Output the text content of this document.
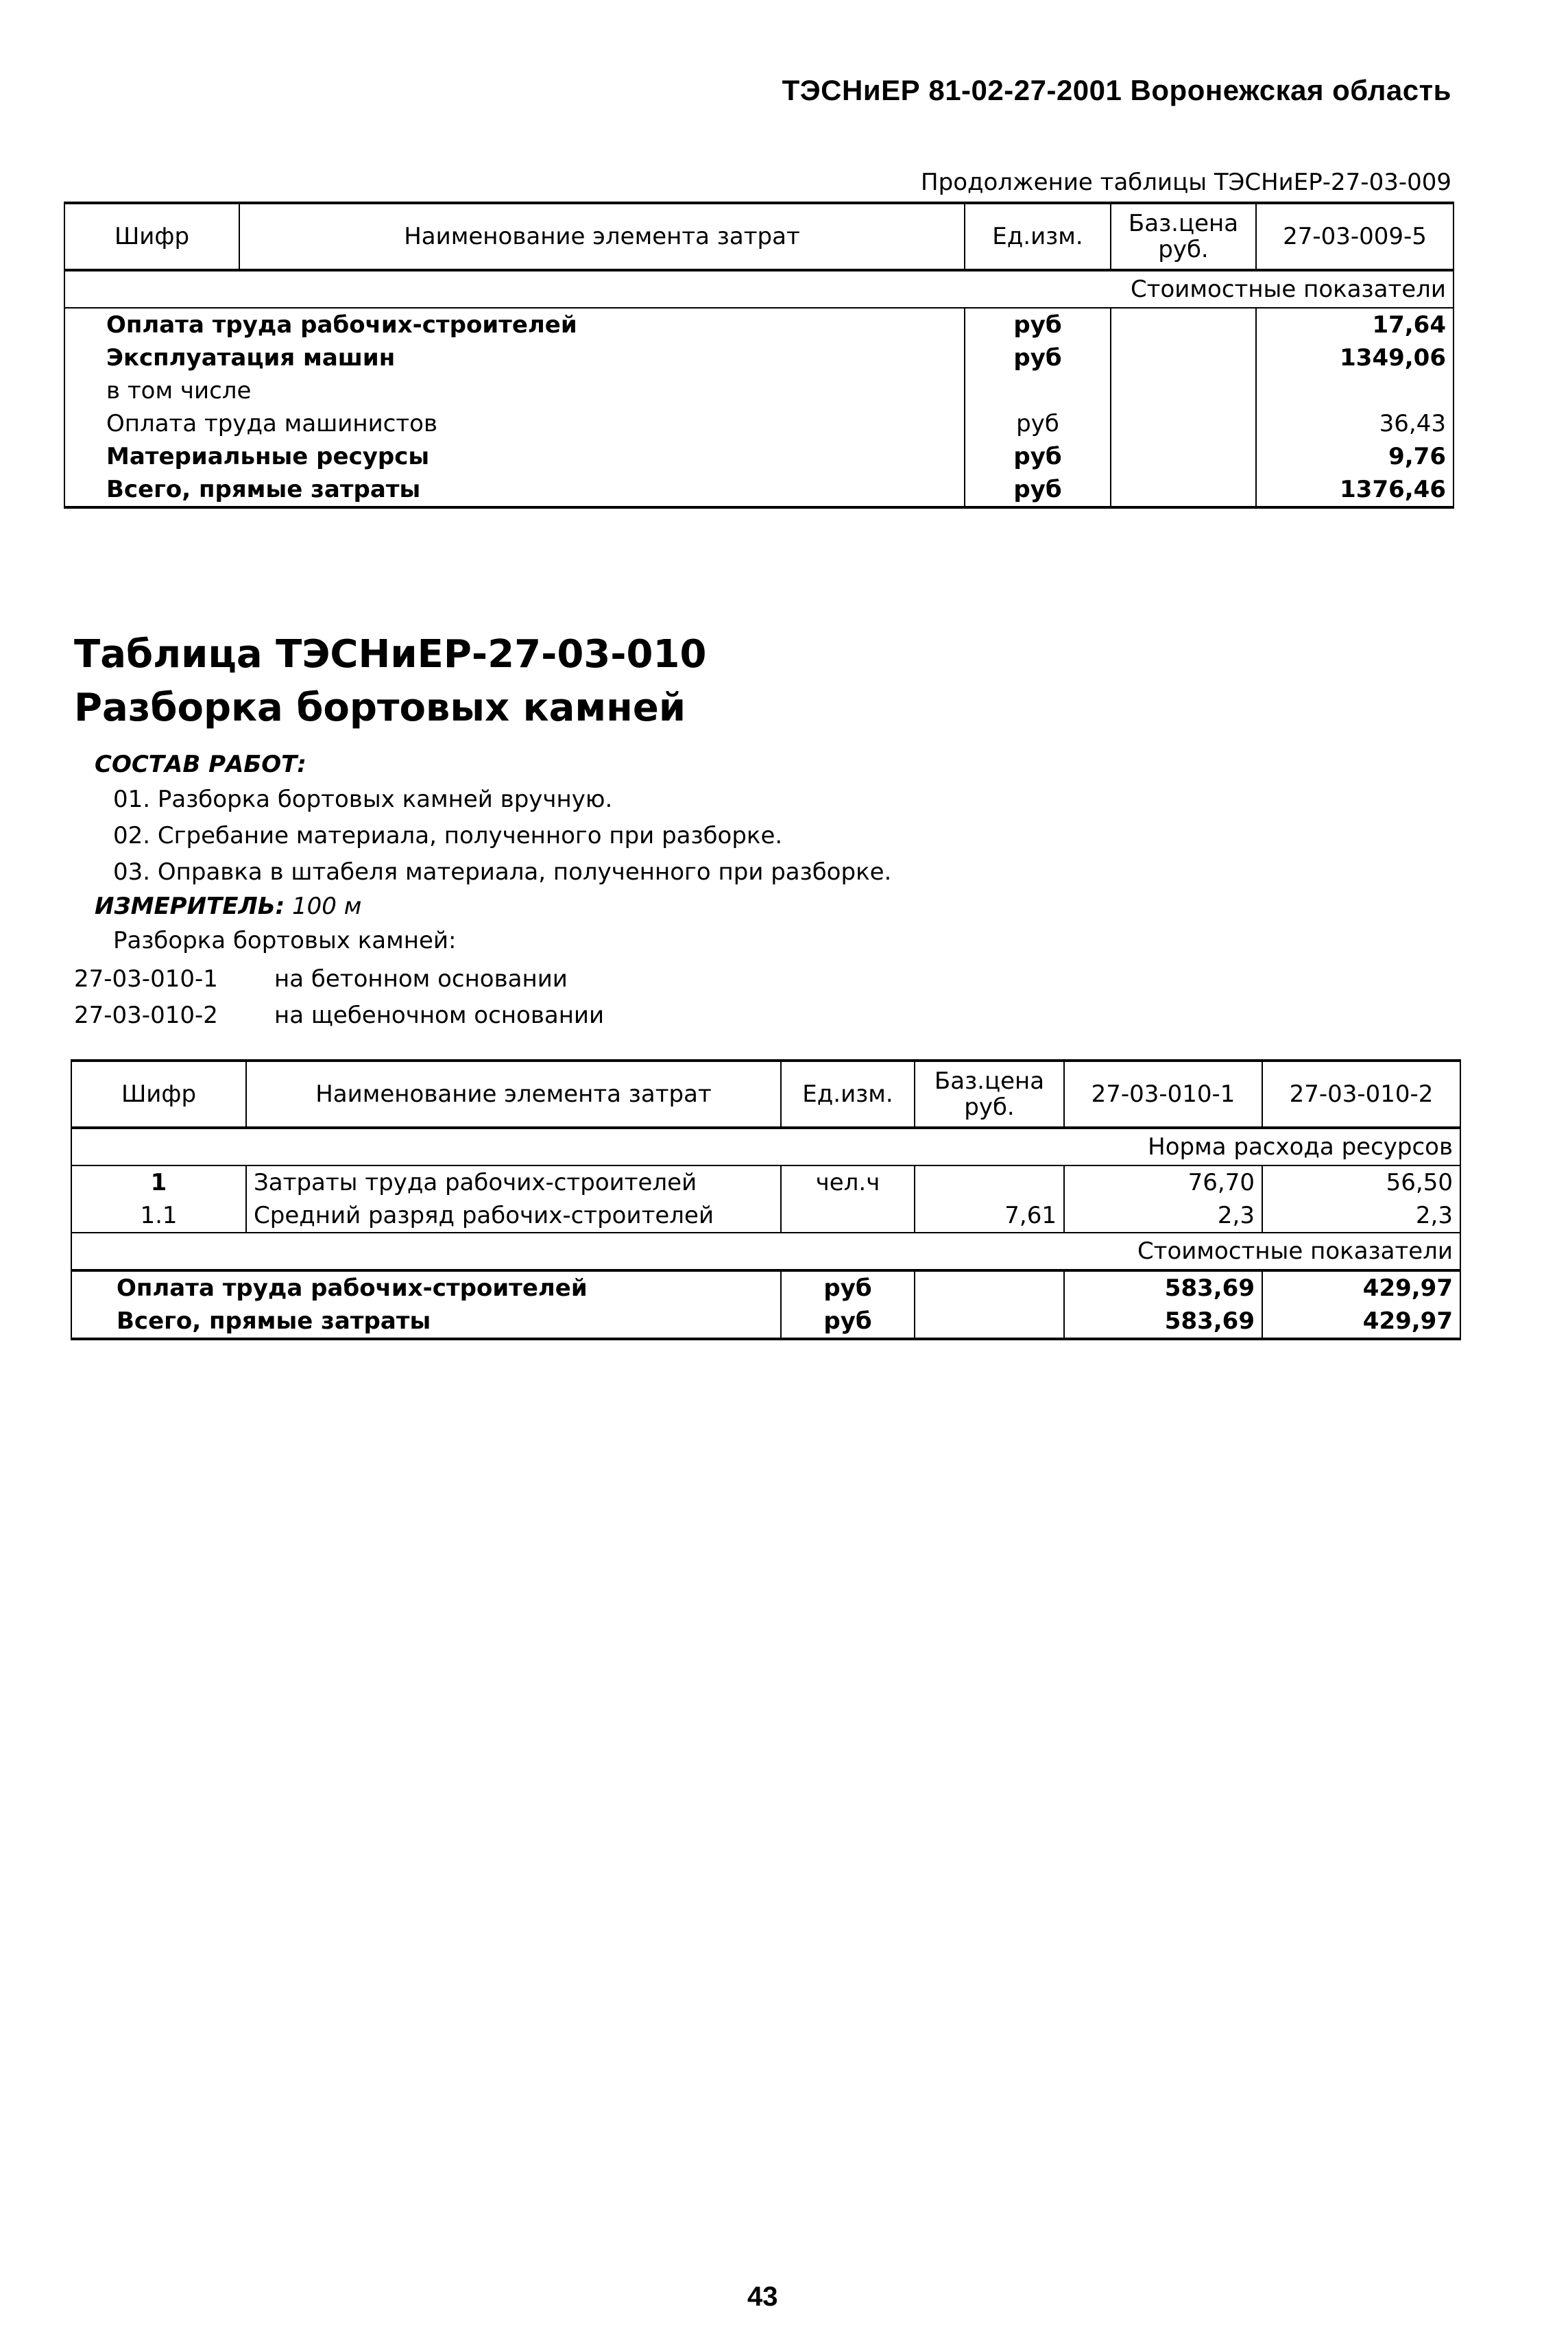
ТЭСНиЕР 81-02-27-2001 Воронежская область
Продолжение таблицы ТЭСНиЕР-27-03-009
Шифр	Наименование элемента затрат	Ед.изм.	Баз.цена руб.	27-03-009-5
Стоимостные показатели				
Оплата труда рабочих-строителей		руб		17,64
Эксплуатация машин		руб		1349,06
в том числе				
Оплата труда машинистов		руб		36,43
Материальные ресурсы		руб		9,76
Всего, прямые затраты		руб		1376,46
Таблица ТЭСНиЕР-27-03-010
Разборка бортовых камней
СОСТАВ РАБОТ:
01. Разборка бортовых камней вручную.
02. Сгребание материала, полученного при разборке.
03. Оправка в штабеля материала, полученного при разборке.
ИЗМЕРИТЕЛЬ: 100 м
Разборка бортовых камней:
27-03-010-1 на бетонном основании
27-03-010-2 на щебеночном основании
Шифр	Наименование элемента затрат	Ед.изм.	Баз.цена руб.	27-03-010-1	27-03-010-2
Норма расхода ресурсов					
1	Затраты труда рабочих-строителей	чел.ч		76,70	56,50
1.1	Средний разряд рабочих-строителей		7,61	2,3	2,3
Стоимостные показатели					
Оплата труда рабочих-строителей		руб		583,69	429,97
Всего, прямые затраты		руб		583,69	429,97
43
